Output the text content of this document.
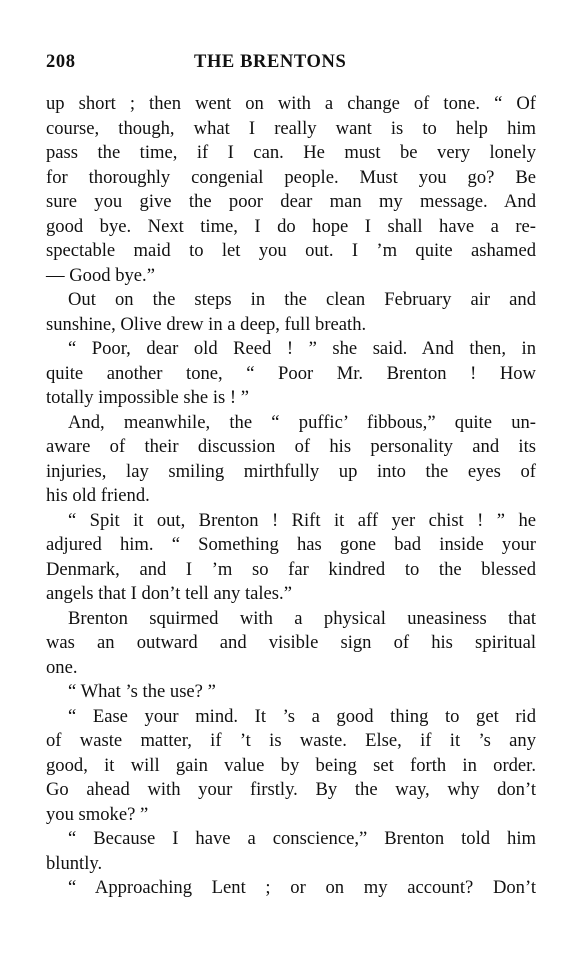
208	THE BRENTONS
up short ; then went on with a change of tone. “ Of
course, though, what I really want is to help him
pass the time, if I can. He must be very lonely
for thoroughly congenial people. Must you go? Be
sure you give the poor dear man my message. And
good bye. Next time, I do hope I shall have a re-
spectable maid to let you out. I ’m quite ashamed
— Good bye.”
Out on the steps in the clean February air and
sunshine, Olive drew in a deep, full breath.
“ Poor, dear old Reed ! ” she said. And then, in
quite another tone, “ Poor Mr. Brenton ! How
totally impossible she is ! ”
And, meanwhile, the “ puffic’ fibbous,” quite un-
aware of their discussion of his personality and its
injuries, lay smiling mirthfully up into the eyes of
his old friend.
“ Spit it out, Brenton ! Rift it aff yer chist ! ” he
adjured him. “ Something has gone bad inside your
Denmark, and I ’m so far kindred to the blessed
angels that I don’t tell any tales.”
Brenton squirmed with a physical uneasiness that
was an outward and visible sign of his spiritual
one.
“ What ’s the use? ”
“ Ease your mind. It ’s a good thing to get rid
of waste matter, if ’t is waste. Else, if it ’s any
good, it will gain value by being set forth in order.
Go ahead with your firstly. By the way, why don’t
you smoke? ”
“ Because I have a conscience,” Brenton told him
bluntly.
“ Approaching Lent ; or on my account? Don’t
